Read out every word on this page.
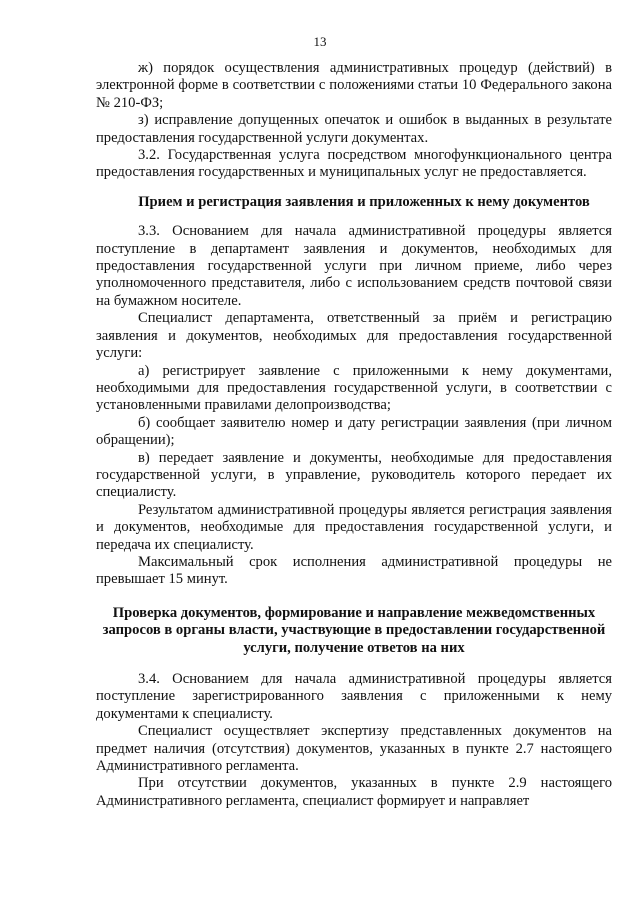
13

ж) порядок осуществления административных процедур (действий) в электронной форме в соответствии с положениями статьи 10 Федерального закона № 210-ФЗ;

з) исправление допущенных опечаток и ошибок в выданных в результате предоставления государственной услуги документах.

3.2. Государственная услуга посредством многофункционального центра предоставления государственных и муниципальных услуг не предоставляется.

Прием и регистрация заявления и приложенных к нему документов

3.3. Основанием для начала административной процедуры является поступление в департамент заявления и документов, необходимых для предоставления государственной услуги при личном приеме, либо через уполномоченного представителя, либо с использованием средств почтовой связи на бумажном носителе.

Специалист департамента, ответственный за приём и регистрацию заявления и документов, необходимых для предоставления государственной услуги:

а) регистрирует заявление с приложенными к нему документами, необходимыми для предоставления государственной услуги, в соответствии с установленными правилами делопроизводства;

б) сообщает заявителю номер и дату регистрации заявления (при личном обращении);

в) передает заявление и документы, необходимые для предоставления государственной услуги, в управление, руководитель которого передает их специалисту.

Результатом административной процедуры является регистрация заявления и документов, необходимые для предоставления государственной услуги, и передача их специалисту.

Максимальный срок исполнения административной процедуры не превышает 15 минут.

Проверка документов, формирование и направление межведомственных запросов в органы власти, участвующие в предоставлении государственной услуги, получение ответов на них

3.4. Основанием для начала административной процедуры является поступление зарегистрированного заявления с приложенными к нему документами к специалисту.

Специалист осуществляет экспертизу представленных документов на предмет наличия (отсутствия) документов, указанных в пункте 2.7 настоящего Административного регламента.

При отсутствии документов, указанных в пункте 2.9 настоящего Административного регламента, специалист формирует и направляет
